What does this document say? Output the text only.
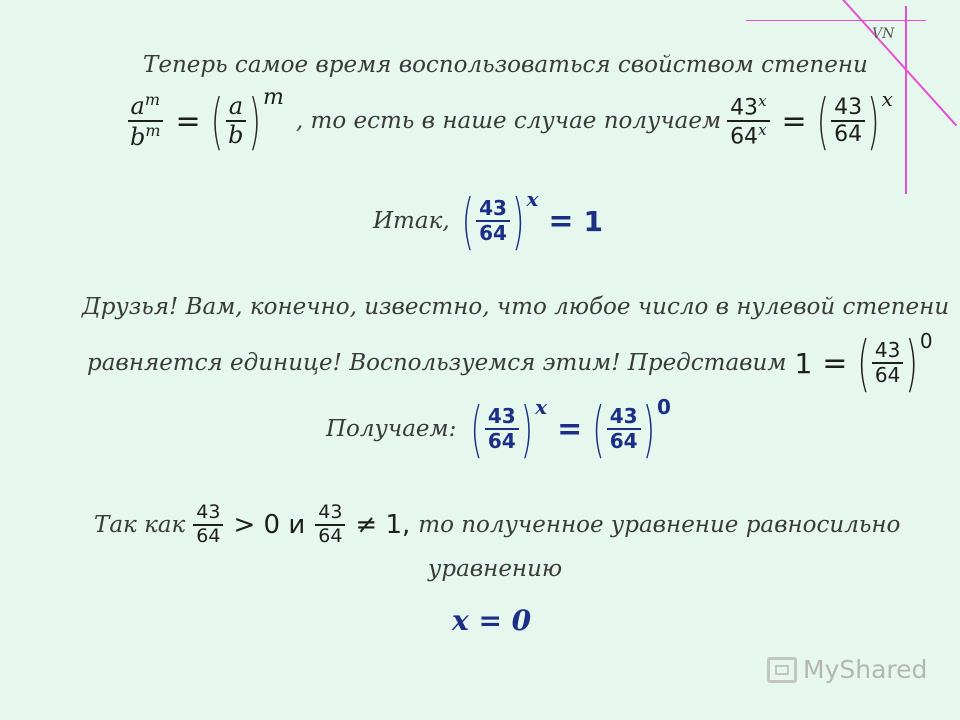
VN
Теперь самое время воспользоваться свойством степени
$\frac{a^m}{b^m}$ = ( $\frac{a}{b}$ ) m
, то есть в наше случае получаем $\frac{43^x}{64^x}$ = ( $\frac{43}{64}$ ) x
Итак, ( $\frac{43}{64}$ ) x
= 1
Друзья! Вам, конечно, известно, что любое число в нулевой степени
равняется единице! Воспользуемся этим! Представим 1 = ( $\frac{43}{64}$ ) 0
Получаем: ( $\frac{43}{64}$ ) x
= ( $\frac{43}{64}$ ) 0
Так как $\frac{43}{64} > 0$ и $\frac{43}{64} \ne 1$, то полученное уравнение равносильно
уравнению
x = 0
MyShared
